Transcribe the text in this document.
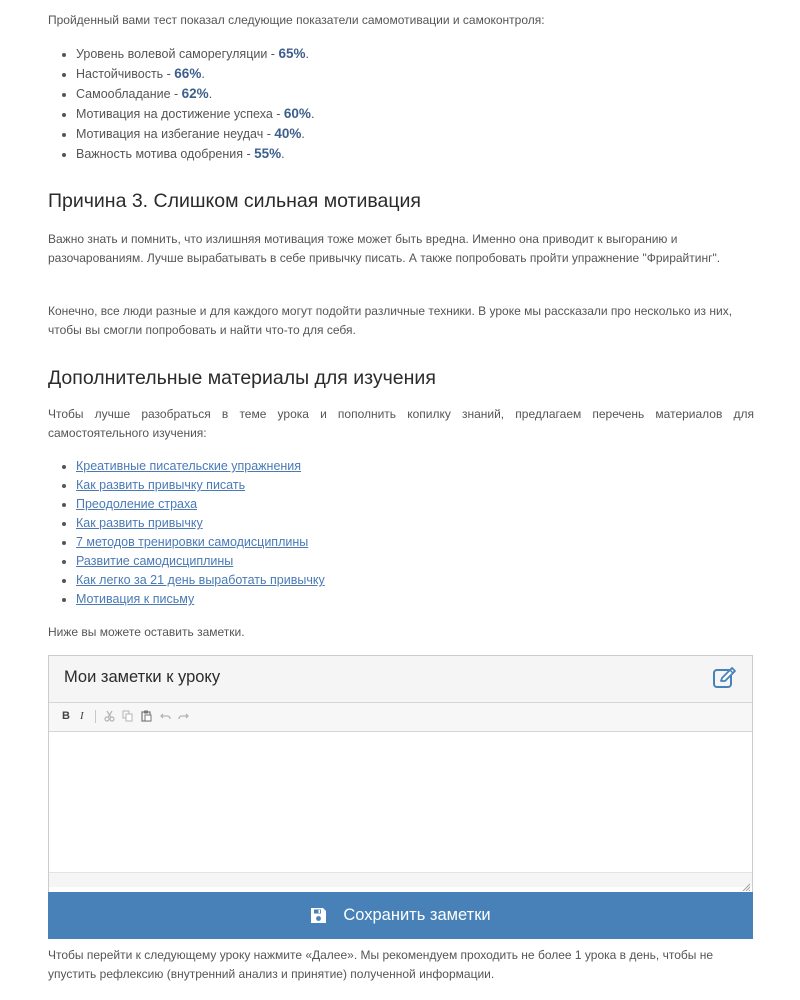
Пройденный вами тест показал следующие показатели самомотивации и самоконтроля:

• Уровень волевой саморегуляции - 65%.
• Настойчивость - 66%.
• Самообладание - 62%.
• Мотивация на достижение успеха - 60%.
• Мотивация на избегание неудач - 40%.
• Важность мотива одобрения - 55%.
Причина 3. Слишком сильная мотивация

Важно знать и помнить, что излишняя мотивация тоже может быть вредна. Именно она приводит к выгоранию и разочарованиям. Лучше вырабатывать в себе привычку писать. А также попробовать пройти упражнение "Фрирайтинг".

Конечно, все люди разные и для каждого могут подойти различные техники. В уроке мы рассказали про несколько из них, чтобы вы смогли попробовать и найти что-то для себя.

Дополнительные материалы для изучения

Чтобы лучше разобраться в теме урока и пополнить копилку знаний, предлагаем перечень материалов для самостоятельного изучения:

• Креативные писательские упражнения
• Как развить привычку писать
• Преодоление страха
• Как развить привычку
• 7 методов тренировки самодисциплины
• Развитие самодисциплины
• Как легко за 21 день выработать привычку
• Мотивация к письму

Ниже вы можете оставить заметки.

Мои заметки к уроку
B I
Сохранить заметки

Чтобы перейти к следующему уроку нажмите «Далее». Мы рекомендуем проходить не более 1 урока в день, чтобы не упустить рефлексию (внутренний анализ и принятие) полученной информации.
